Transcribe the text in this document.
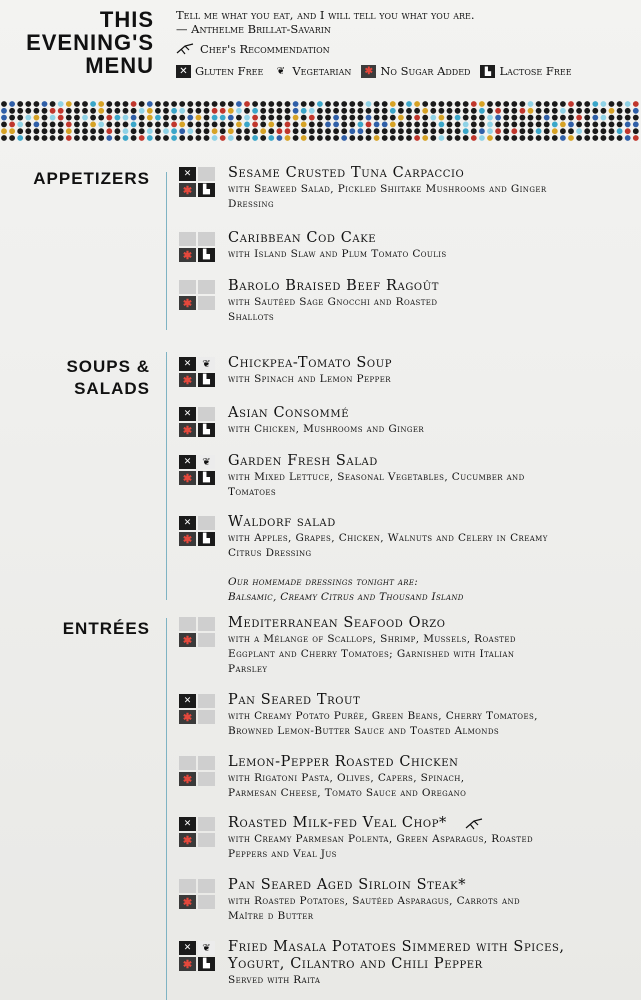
THIS
EVENING'S
MENU
Tell me what you eat, and I will tell you what you are.
— Anthelme Brillat-Savarin
Chef's Recommendation
✕ Gluten Free	❦ Vegetarian	✱ No Sugar Added	▙ Lactose Free
APPETIZERS
SOUPS &
SALADS
ENTRÉES
✕
✱	▙
Sesame Crusted Tuna Carpaccio
with Seaweed Salad, Pickled Shiitake Mushrooms and Ginger
Dressing
✱	▙
Caribbean Cod Cake
with Island Slaw and Plum Tomato Coulis
✱
Barolo Braised Beef Ragoût
with Sautéed Sage Gnocchi and Roasted
Shallots
✕	❦
✱	▙
Chickpea-Tomato Soup
with Spinach and Lemon Pepper
✕
✱	▙
Asian Consommé
with Chicken, Mushrooms and Ginger
✕	❦
✱	▙
Garden Fresh Salad
with Mixed Lettuce, Seasonal Vegetables, Cucumber and
Tomatoes
✕
✱	▙
Waldorf salad
with Apples, Grapes, Chicken, Walnuts and Celery in Creamy
Citrus Dressing
✱
Mediterranean Seafood Orzo
with a Mélange of Scallops, Shrimp, Mussels, Roasted
Eggplant and Cherry Tomatoes; Garnished with Italian
Parsley
✕
✱
Pan Seared Trout
with Creamy Potato Purée, Green Beans, Cherry Tomatoes,
Browned Lemon-Butter Sauce and Toasted Almonds
✱
Lemon-Pepper Roasted Chicken
with Rigatoni Pasta, Olives, Capers, Spinach,
Parmesan Cheese, Tomato Sauce and Oregano
✕
✱
Roasted Milk-fed Veal Chop*
with Creamy Parmesan Polenta, Green Asparagus, Roasted
Peppers and Veal Jus
✱
Pan Seared Aged Sirloin Steak*
with Roasted Potatoes, Sautéed Asparagus, Carrots and
Maître d Butter
✕	❦
✱	▙
Fried Masala Potatoes Simmered with Spices,
Yogurt, Cilantro and Chili Pepper
Served with Raita
Our homemade dressings tonight are:
Balsamic, Creamy Citrus and Thousand Island
